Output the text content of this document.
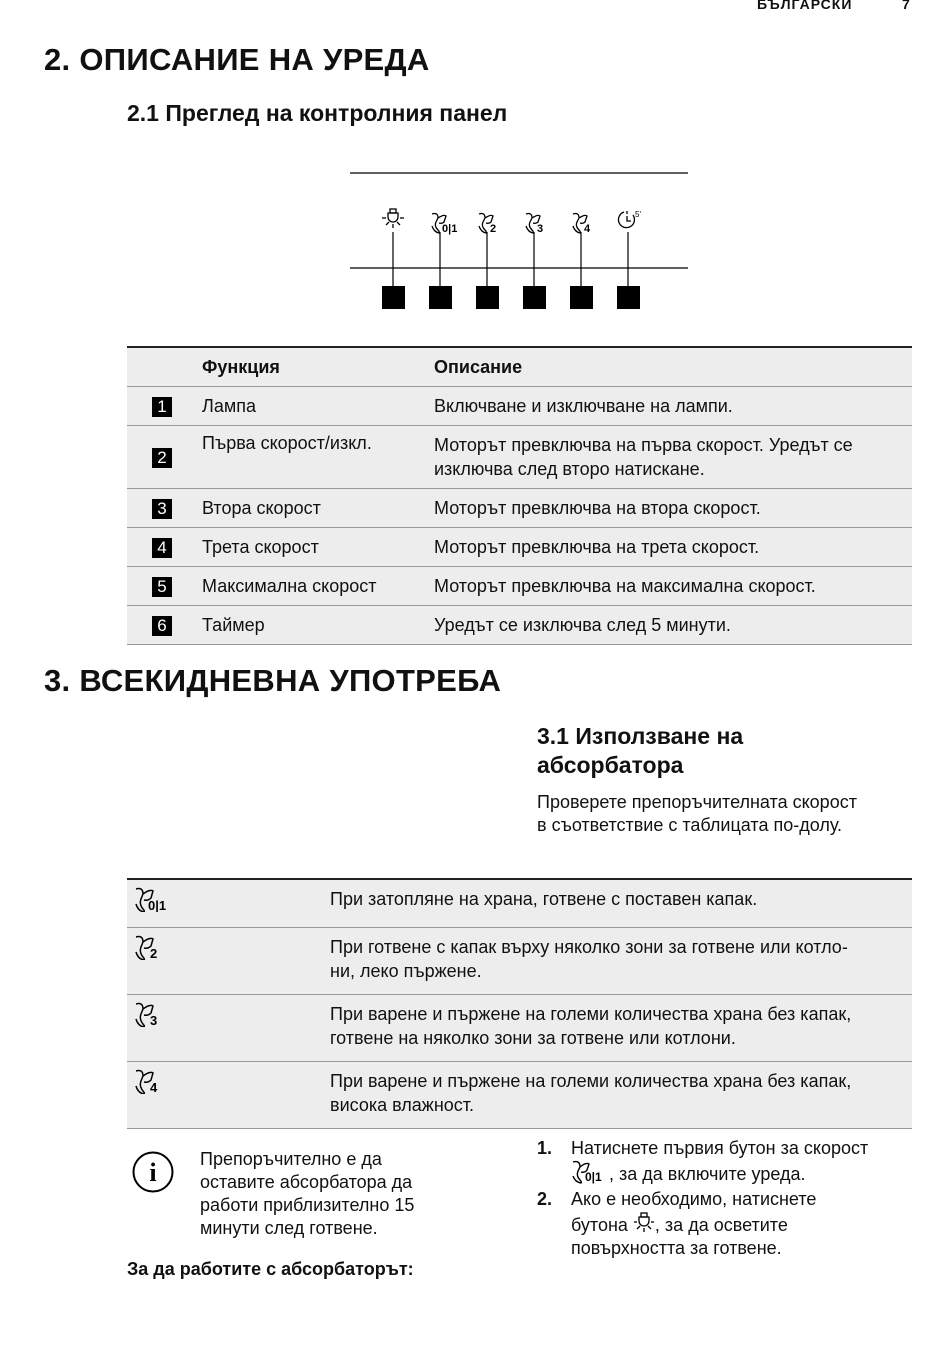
БЪЛГАРСКИ	7
2. ОПИСАНИЕ НА УРЕДА
2.1 Преглед на контролния панел
0|1	2	3	4
5'
	Функция	Описание
1	Лампа	Включване и изключване на лампи.
2	Първа скорост/изкл.	Моторът превключва на първа скорост. Уредът се изключва след второ натискане.
3	Втора скорост	Моторът превключва на втора скорост.
4	Трета скорост	Моторът превключва на трета скорост.
5	Максимална скорост	Моторът превключва на максимална скорост.
6	Таймер	Уредът се изключва след 5 минути.
3. ВСЕКИДНЕВНА УПОТРЕБА
3.1 Използване на
абсорбатора
Проверете препоръчителната скорост
в съответствие с таблицата по-долу.
0|1	При затопляне на храна, готвене с поставен капак.

2	При готвене с капак върху няколко зони за готвене или котло-
ни, леко пържене.

3	При варене и пържене на големи количества храна без капак,
готвене на няколко зони за готвене или котлони.

4	При варене и пържене на големи количества храна без капак,
висока влажност.
i Препоръчително е да
оставите абсорбатора да
работи приблизително 15
минути след готвене.
За да работите с абсорбаторът:
1. Натиснете първия бутон за скорост

0|1 , за да включите уреда.
2. Ако е необходимо, натиснете
бутона , за да осветите
повърхността за готвене.
